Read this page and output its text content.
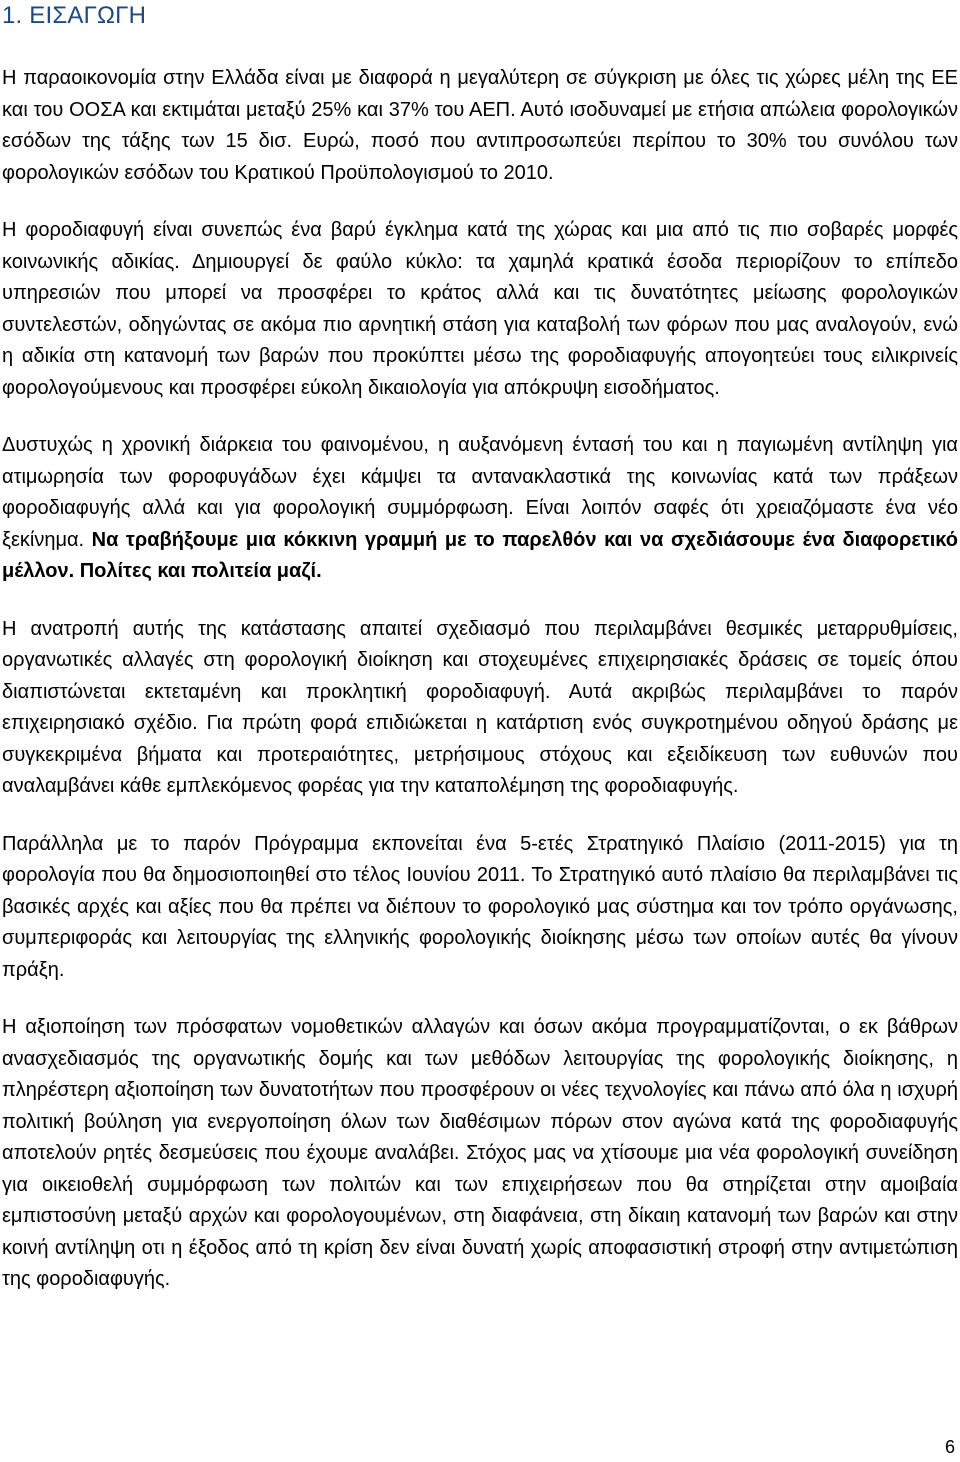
1. ΕΙΣΑΓΩΓΗ

Η παραοικονομία στην Ελλάδα είναι με διαφορά η μεγαλύτερη σε σύγκριση με όλες τις χώρες μέλη της ΕΕ και του ΟΟΣΑ και εκτιμάται μεταξύ 25% και 37% του ΑΕΠ. Αυτό ισοδυναμεί με ετήσια απώλεια φορολογικών εσόδων της τάξης των 15 δισ. Ευρώ, ποσό που αντιπροσωπεύει περίπου το 30% του συνόλου των φορολογικών εσόδων του Κρατικού Προϋπολογισμού το 2010.

Η φοροδιαφυγή είναι συνεπώς ένα βαρύ έγκλημα κατά της χώρας και μια από τις πιο σοβαρές μορφές κοινωνικής αδικίας. Δημιουργεί δε φαύλο κύκλο: τα χαμηλά κρατικά έσοδα περιορίζουν το επίπεδο υπηρεσιών που μπορεί να προσφέρει το κράτος αλλά και τις δυνατότητες μείωσης φορολογικών συντελεστών, οδηγώντας σε ακόμα πιο αρνητική στάση για καταβολή των φόρων που μας αναλογούν, ενώ η αδικία στη κατανομή των βαρών που προκύπτει μέσω της φοροδιαφυγής απογοητεύει τους ειλικρινείς φορολογούμενους και προσφέρει εύκολη δικαιολογία για απόκρυψη εισοδήματος.

Δυστυχώς η χρονική διάρκεια του φαινομένου, η αυξανόμενη έντασή του και η παγιωμένη αντίληψη για ατιμωρησία των φοροφυγάδων έχει κάμψει τα αντανακλαστικά της κοινωνίας κατά των πράξεων φοροδιαφυγής αλλά και για φορολογική συμμόρφωση. Είναι λοιπόν σαφές ότι χρειαζόμαστε ένα νέο ξεκίνημα. Να τραβήξουμε μια κόκκινη γραμμή με το παρελθόν και να σχεδιάσουμε ένα διαφορετικό μέλλον. Πολίτες και πολιτεία μαζί.

Η ανατροπή αυτής της κατάστασης απαιτεί σχεδιασμό που περιλαμβάνει θεσμικές μεταρρυθμίσεις, οργανωτικές αλλαγές στη φορολογική διοίκηση και στοχευμένες επιχειρησιακές δράσεις σε τομείς όπου διαπιστώνεται εκτεταμένη και προκλητική φοροδιαφυγή. Αυτά ακριβώς περιλαμβάνει το παρόν επιχειρησιακό σχέδιο. Για πρώτη φορά επιδιώκεται η κατάρτιση ενός συγκροτημένου οδηγού δράσης με συγκεκριμένα βήματα και προτεραιότητες, μετρήσιμους στόχους και εξειδίκευση των ευθυνών που αναλαμβάνει κάθε εμπλεκόμενος φορέας για την καταπολέμηση της φοροδιαφυγής.

Παράλληλα με το παρόν Πρόγραμμα εκπονείται ένα 5-ετές Στρατηγικό Πλαίσιο (2011-2015) για τη φορολογία που θα δημοσιοποιηθεί στο τέλος Ιουνίου 2011. Το Στρατηγικό αυτό πλαίσιο θα περιλαμβάνει τις βασικές αρχές και αξίες που θα πρέπει να διέπουν το φορολογικό μας σύστημα και τον τρόπο οργάνωσης, συμπεριφοράς και λειτουργίας της ελληνικής φορολογικής διοίκησης μέσω των οποίων αυτές θα γίνουν πράξη.

Η αξιοποίηση των πρόσφατων νομοθετικών αλλαγών και όσων ακόμα προγραμματίζονται, ο εκ βάθρων ανασχεδιασμός της οργανωτικής δομής και των μεθόδων λειτουργίας της φορολογικής διοίκησης, η πληρέστερη αξιοποίηση των δυνατοτήτων που προσφέρουν οι νέες τεχνολογίες και πάνω από όλα η ισχυρή πολιτική βούληση για ενεργοποίηση όλων των διαθέσιμων πόρων στον αγώνα κατά της φοροδιαφυγής αποτελούν ρητές δεσμεύσεις που έχουμε αναλάβει. Στόχος μας να χτίσουμε μια νέα φορολογική συνείδηση για οικειοθελή συμμόρφωση των πολιτών και των επιχειρήσεων που θα στηρίζεται στην αμοιβαία εμπιστοσύνη μεταξύ αρχών και φορολογουμένων, στη διαφάνεια, στη δίκαιη κατανομή των βαρών και στην κοινή αντίληψη οτι η έξοδος από τη κρίση δεν είναι δυνατή χωρίς αποφασιστική στροφή στην αντιμετώπιση της φοροδιαφυγής.

6
